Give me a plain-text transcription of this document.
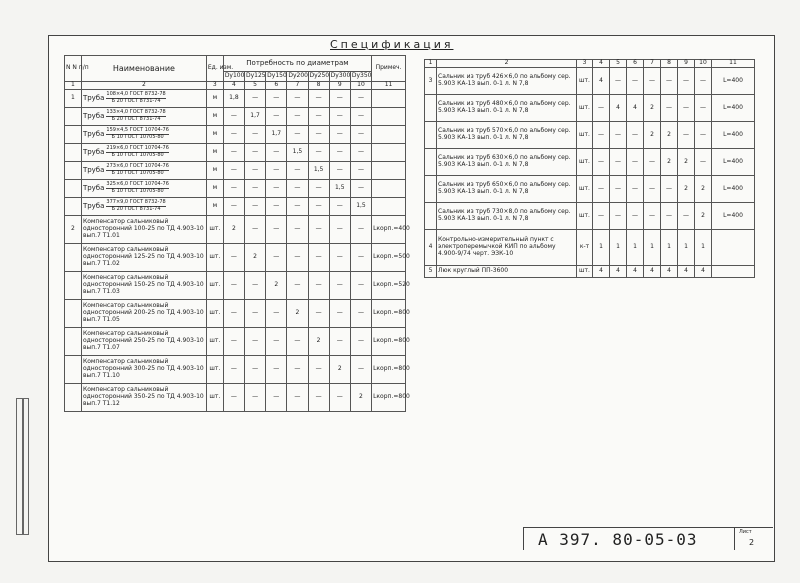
Спецификация
N N п/п	Наименование	Ед. изм.	Потребность по диаметрам							Примеч.
			Dу100	Dу125	Dу150	Dу200	Dу250	Dу300	Dу350	
1	2	3	4	5	6	7	8	9	10	11
1	Труба $\frac{\text{108×4,0 ГОСТ 8732-78}}{\text{Б 20 ГОСТ 8731-74}}$	м	1,8	—	—	—	—	—	—	
	Труба $\frac{\text{133×4,0 ГОСТ 8732-78}}{\text{Б 20 ГОСТ 8731-74}}$	м	—	1,7	—	—	—	—	—	
	Труба $\frac{\text{159×4,5 ГОСТ 10704-76}}{\text{Б 10 ГОСТ 10705-80}}$	м	—	—	1,7	—	—	—	—	
	Труба $\frac{\text{219×6,0 ГОСТ 10704-76}}{\text{Б 10 ГОСТ 10705-80}}$	м	—	—	—	1,5	—	—	—	
	Труба $\frac{\text{273×6,0 ГОСТ 10704-76}}{\text{Б 10 ГОСТ 10705-80}}$	м	—	—	—	—	1,5	—	—	
	Труба $\frac{\text{325×6,0 ГОСТ 10704-76}}{\text{Б 10 ГОСТ 10705-80}}$	м	—	—	—	—	—	1,5	—	
	Труба $\frac{\text{377×9,0 ГОСТ 8732-78}}{\text{Б 20 ГОСТ 8731-74}}$	м	—	—	—	—	—	—	1,5	
2	Компенсатор сальниковый односторонний 100-25 по ТД 4.903-10 вып.7 Т1.01	шт.	2	—	—	—	—	—	—	Lкорп.=400
	Компенсатор сальниковый односторонний 125-25 по ТД 4.903-10 вып.7 Т1.02	шт.	—	2	—	—	—	—	—	Lкорп.=500
	Компенсатор сальниковый односторонний 150-25 по ТД 4.903-10 вып.7 Т1.03	шт.	—	—	2	—	—	—	—	Lкорп.=520
	Компенсатор сальниковый односторонний 200-25 по ТД 4.903-10 вып.7 Т1.05	шт.	—	—	—	2	—	—	—	Lкорп.=800
	Компенсатор сальниковый односторонний 250-25 по ТД 4.903-10 вып.7 Т1.07	шт.	—	—	—	—	2	—	—	Lкорп.=800
	Компенсатор сальниковый односторонний 300-25 по ТД 4.903-10 вып.7 Т1.10	шт.	—	—	—	—	—	2	—	Lкорп.=800
	Компенсатор сальниковый односторонний 350-25 по ТД 4.903-10 вып.7 Т1.12	шт.	—	—	—	—	—	—	2	Lкорп.=800
1	2	3	4	5	6	7	8	9	10	11
3	Сальник из труб 426×6,0 по альбому сер. 5.903 КА-13 вып. 0-1 л. N 7,8	шт.	4	—	—	—	—	—	—	L=400
	Сальник из труб 480×6,0 по альбому сер. 5.903 КА-13 вып. 0-1 л. N 7,8	шт.	—	4	4	2	—	—	—	L=400
	Сальник из труб 570×6,0 по альбому сер. 5.903 КА-13 вып. 0-1 л. N 7,8	шт.	—	—	—	2	2	—	—	L=400
	Сальник из труб 630×6,0 по альбому сер. 5.903 КА-13 вып. 0-1 л. N 7,8	шт.	—	—	—	—	2	2	—	L=400
	Сальник из труб 650×6,0 по альбому сер. 5.903 КА-13 вып. 0-1 л. N 7,8	шт.	—	—	—	—	—	2	2	L=400
	Сальник из труб 730×8,0 по альбому сер. 5.903 КА-13 вып. 0-1 л. N 7,8	шт.	—	—	—	—	—	—	2	L=400
4	Контрольно-измерительный пункт с электроперемычкой КИП по альбому 4.900-9/74 черт. ЭЗК-10	к-т	1	1	1	1	1	1	1	
5	Люк круглый ПП-3600	шт.	4	4	4	4	4	4	4	
А 397. 80-05-03	Лист
2
